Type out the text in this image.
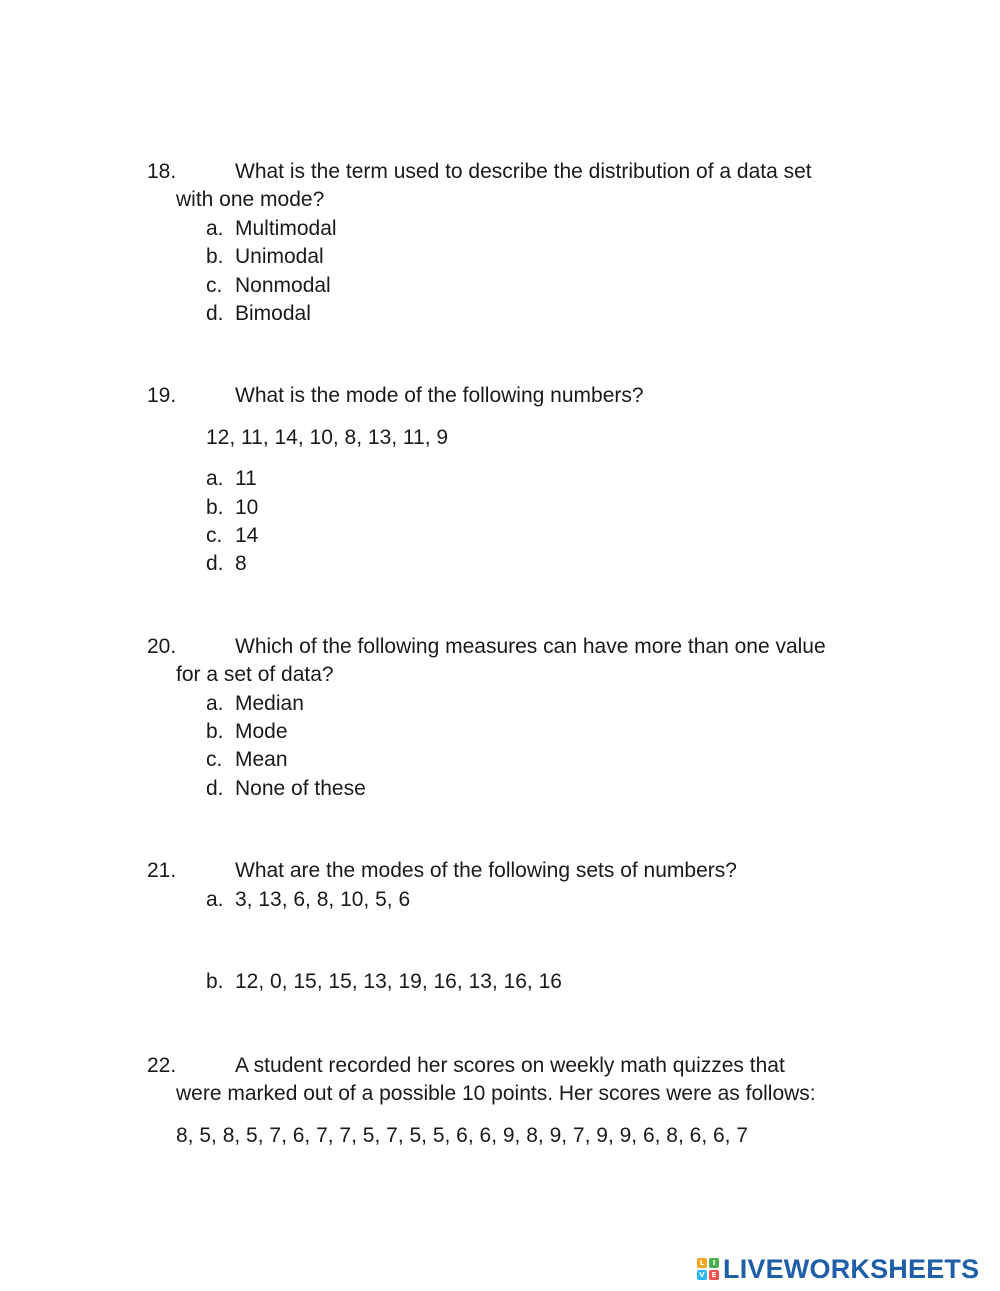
18.	What is the term used to describe the distribution of a data set
with one mode?
a. Multimodal
b. Unimodal
c. Nonmodal
d. Bimodal
19.	What is the mode of the following numbers?
12, 11, 14, 10, 8, 13, 11, 9
a. 11
b. 10
c. 14
d. 8
20.	Which of the following measures can have more than one value
for a set of data?
a. Median
b. Mode
c. Mean
d. None of these
21.	What are the modes of the following sets of numbers?
a. 3, 13, 6, 8, 10, 5, 6
b. 12, 0, 15, 15, 13, 19, 16, 13, 16, 16
22.	A student recorded her scores on weekly math quizzes that
were marked out of a possible 10 points. Her scores were as follows:
8, 5, 8, 5, 7, 6, 7, 7, 5, 7, 5, 5, 6, 6, 9, 8, 9, 7, 9, 9, 6, 8, 6, 6, 7
L	I
V E LIVEWORKSHEETS
